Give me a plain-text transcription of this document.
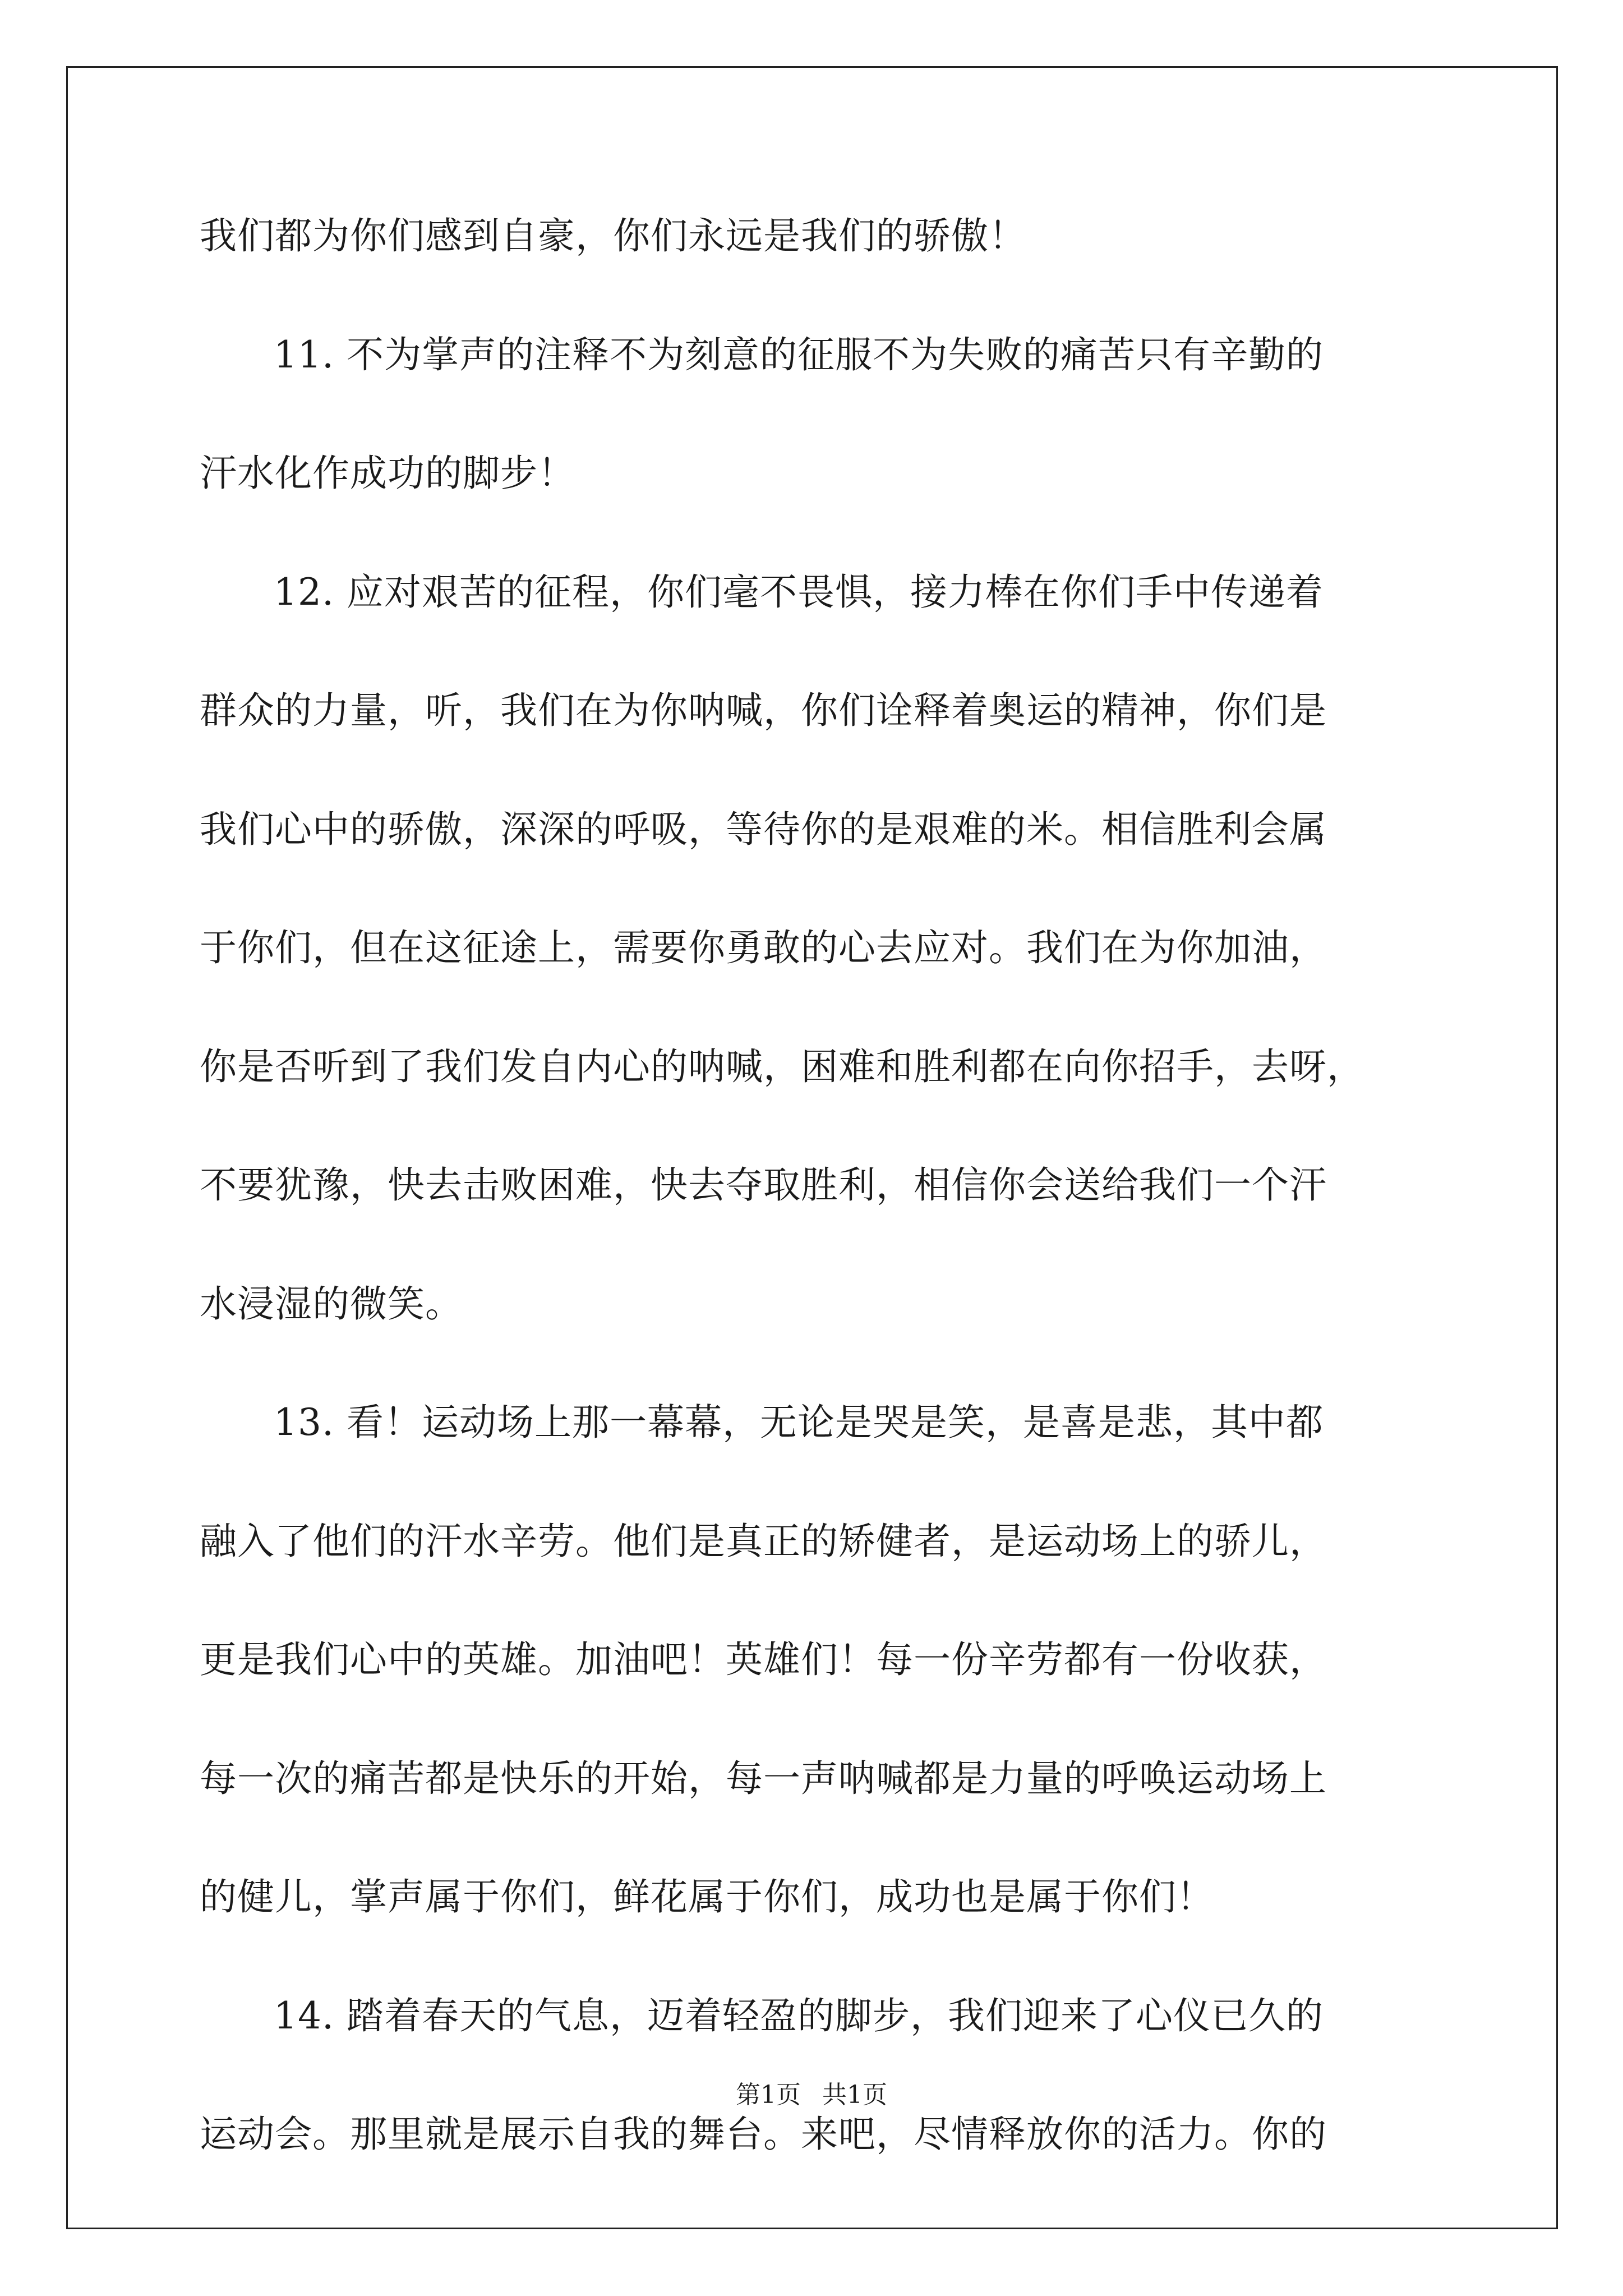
我们都为你们感到自豪，你们永远是我们的骄傲！
11. 不为掌声的注释不为刻意的征服不为失败的痛苦只有辛勤的
汗水化作成功的脚步！
12. 应对艰苦的征程，你们毫不畏惧，接力棒在你们手中传递着
群众的力量，听，我们在为你呐喊，你们诠释着奥运的精神，你们是
我们心中的骄傲，深深的呼吸，等待你的是艰难的米。相信胜利会属
于你们，但在这征途上，需要你勇敢的心去应对。我们在为你加油，
你是否听到了我们发自内心的呐喊，困难和胜利都在向你招手，去呀，
不要犹豫，快去击败困难，快去夺取胜利，相信你会送给我们一个汗
水浸湿的微笑。
13. 看！运动场上那一幕幕，无论是哭是笑，是喜是悲，其中都
融入了他们的汗水辛劳。他们是真正的矫健者，是运动场上的骄儿，
更是我们心中的英雄。加油吧！英雄们！每一份辛劳都有一份收获，
每一次的痛苦都是快乐的开始，每一声呐喊都是力量的呼唤运动场上
的健儿，掌声属于你们，鲜花属于你们，成功也是属于你们！
14. 踏着春天的气息，迈着轻盈的脚步，我们迎来了心仪已久的
运动会。那里就是展示自我的舞台。来吧，尽情释放你的活力。你的
第1页 共1页
